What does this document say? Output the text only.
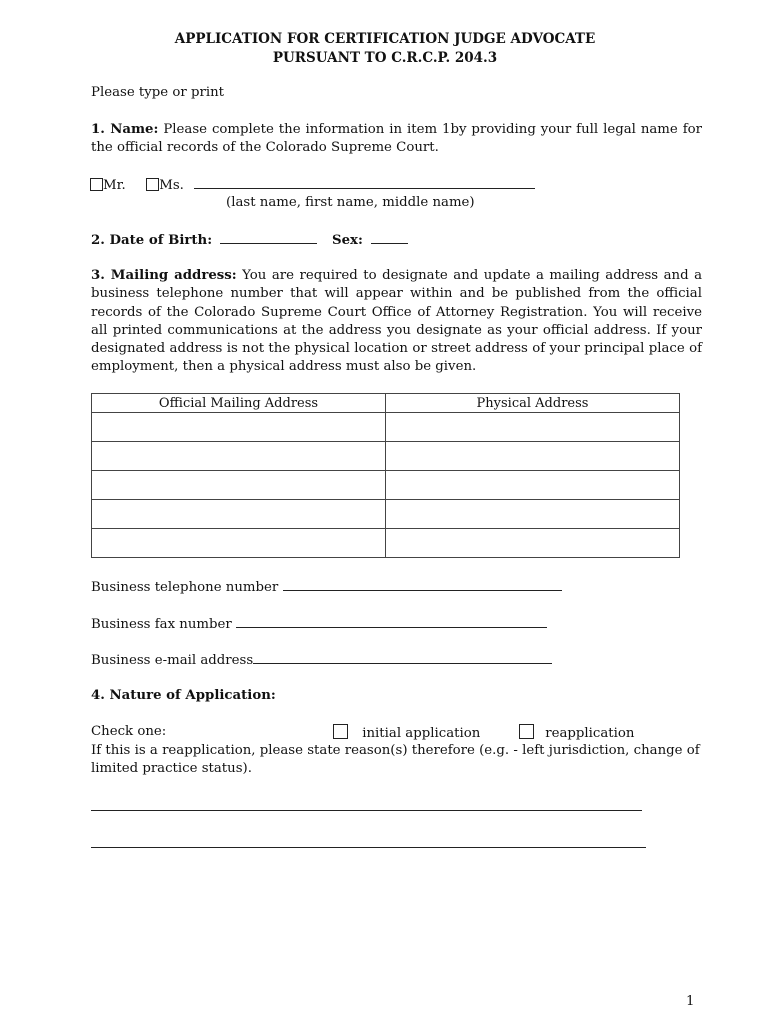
APPLICATION FOR CERTIFICATION JUDGE ADVOCATE
PURSUANT TO C.R.C.P. 204.3
Please type or print
1. Name: Please complete the information in item 1by providing your full legal name for the official records of the Colorado Supreme Court.
Mr.	Ms.
(last name, first name, middle name)
2. Date of Birth:	Sex:
3. Mailing address: You are required to designate and update a mailing address and a business telephone number that will appear within and be published from the official records of the Colorado Supreme Court Office of Attorney Registration. You will receive all printed communications at the address you designate as your official address. If your designated address is not the physical location or street address of your principal place of employment, then a physical address must also be given.
Official Mailing Address	Physical Address

Business telephone number
Business fax number
Business e-mail address
4. Nature of Application:
Check one:	initial application	reapplication
If this is a reapplication, please state reason(s) therefore (e.g. - left jurisdiction, change of limited practice status).
1
